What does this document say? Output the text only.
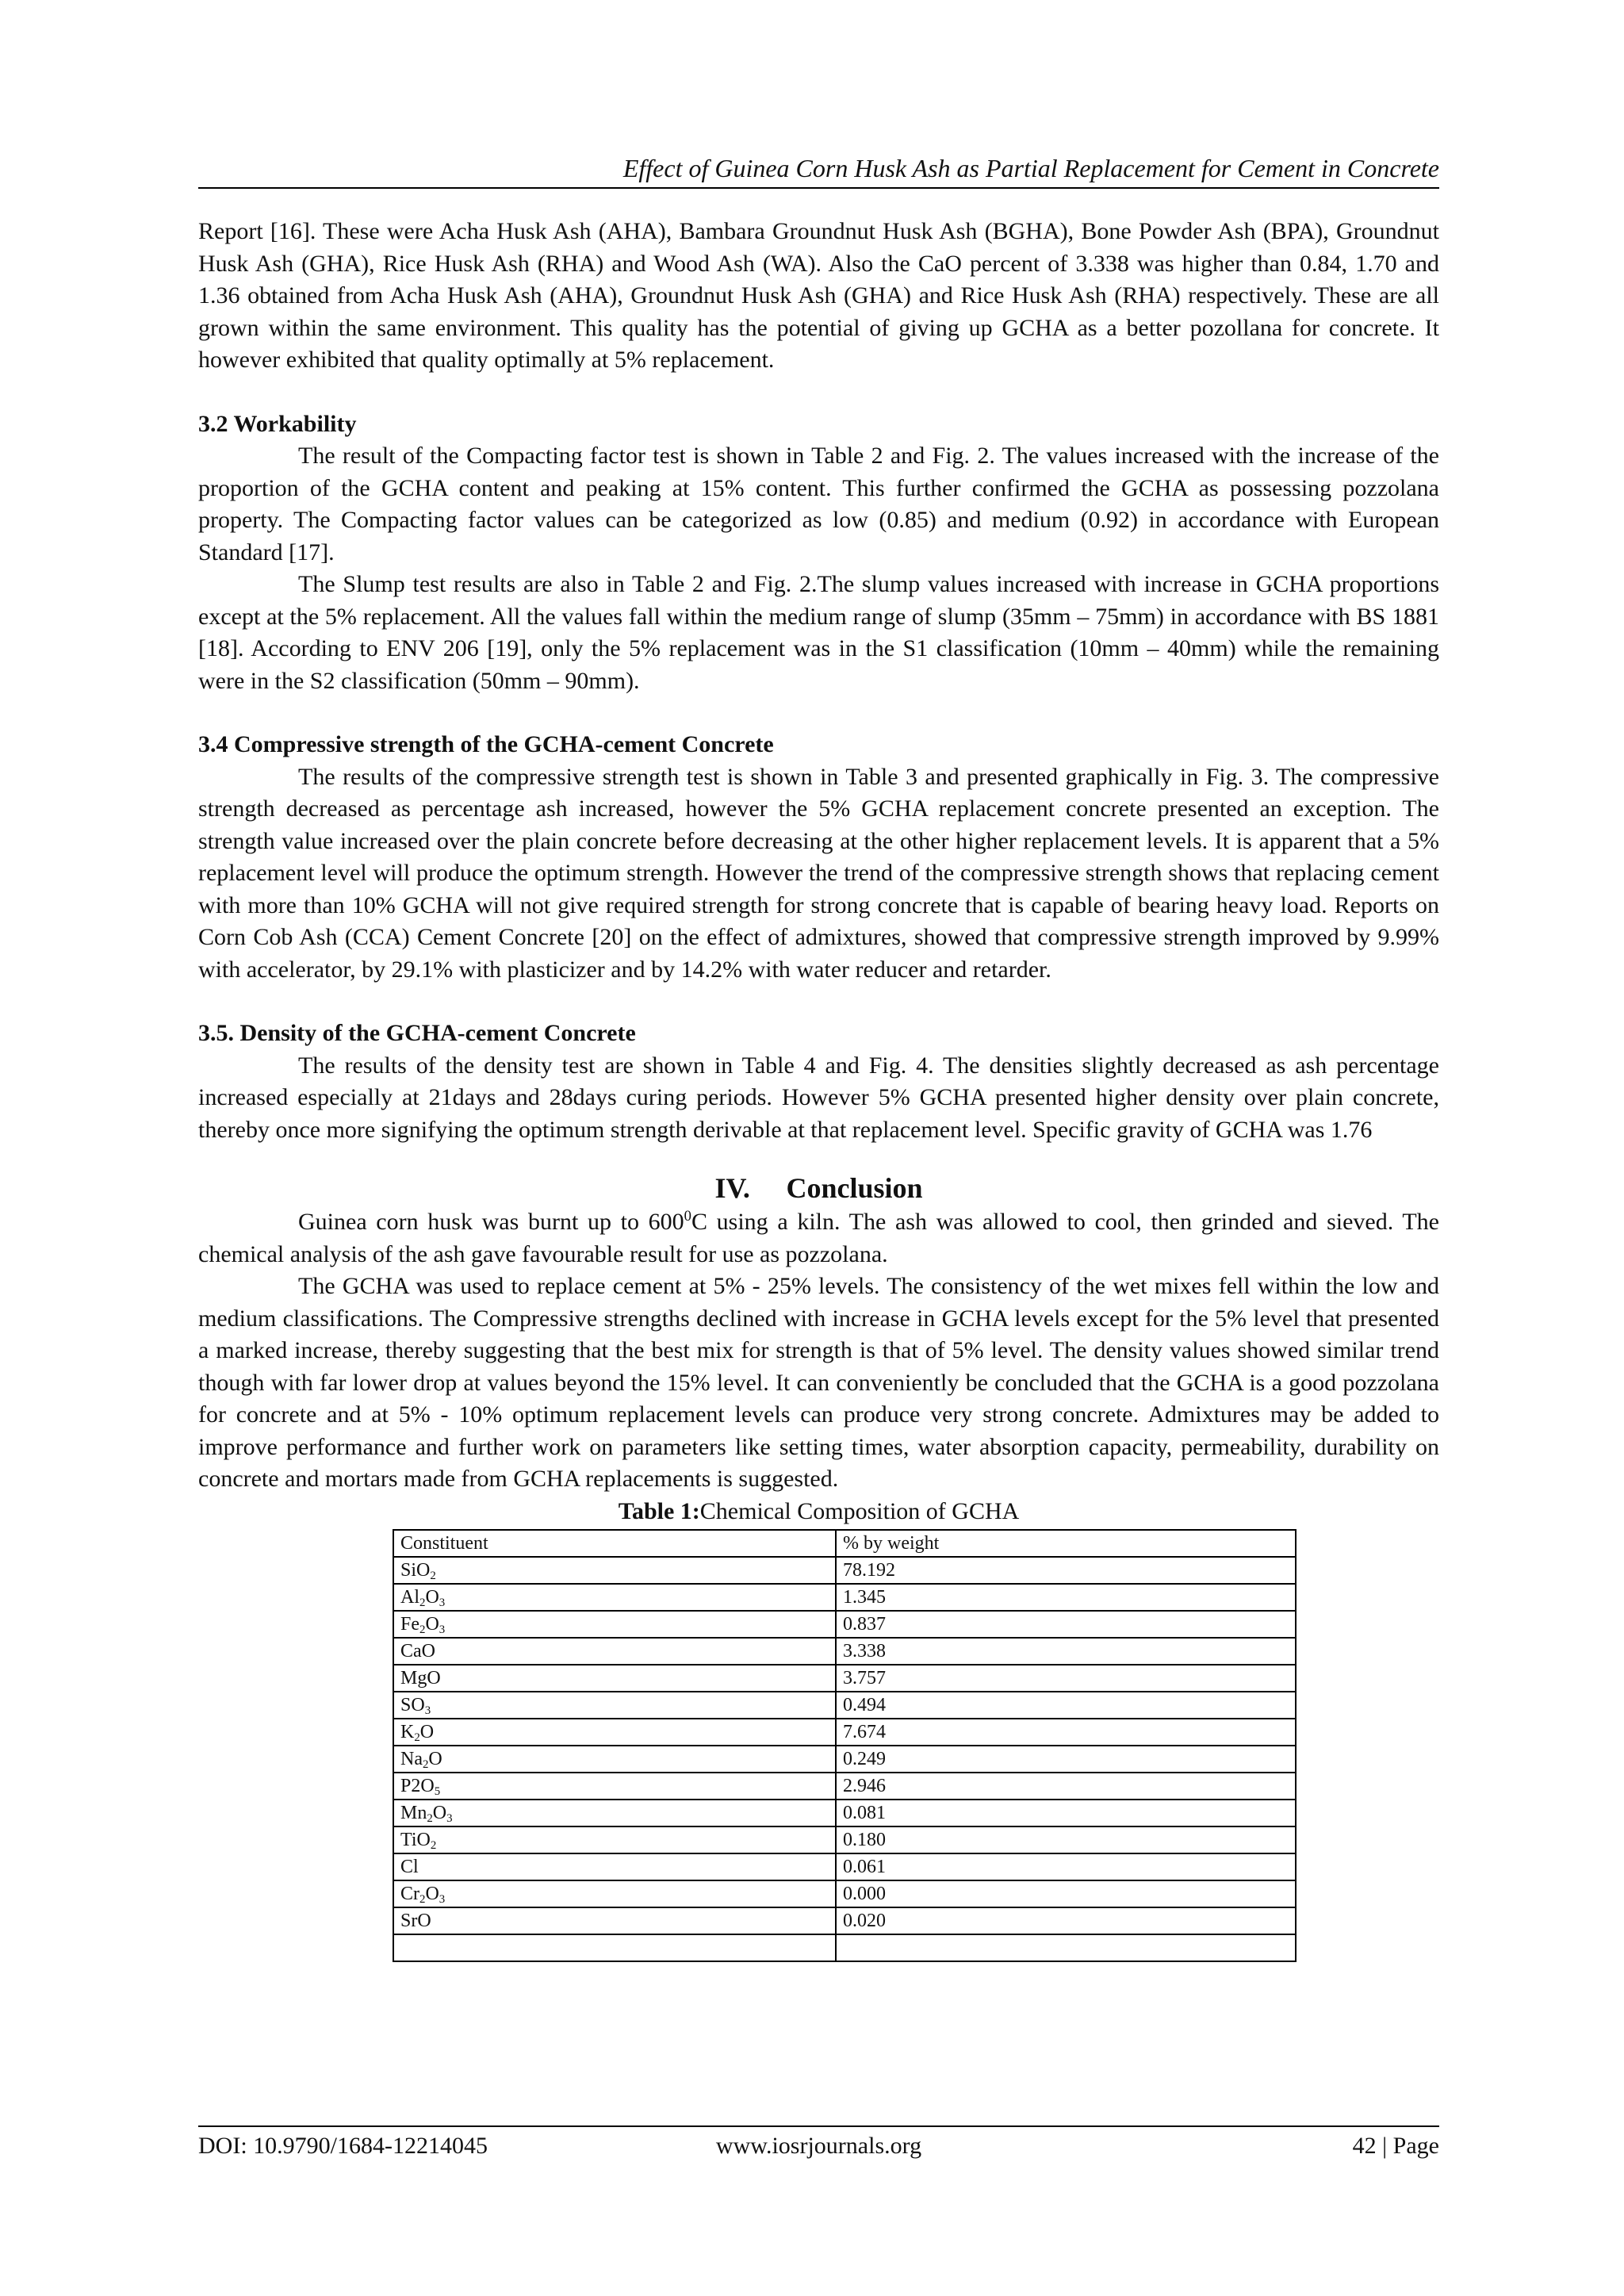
Effect of Guinea Corn Husk Ash as Partial Replacement for Cement in Concrete

Report [16]. These were Acha Husk Ash (AHA), Bambara Groundnut Husk Ash (BGHA), Bone Powder Ash (BPA), Groundnut Husk Ash (GHA), Rice Husk Ash (RHA) and Wood Ash (WA). Also the CaO percent of 3.338 was higher than 0.84, 1.70 and 1.36 obtained from Acha Husk Ash (AHA), Groundnut Husk Ash (GHA) and Rice Husk Ash (RHA) respectively. These are all grown within the same environment. This quality has the potential of giving up GCHA as a better pozollana for concrete. It however exhibited that quality optimally at 5% replacement.

3.2 Workability

The result of the Compacting factor test is shown in Table 2 and Fig. 2. The values increased with the increase of the proportion of the GCHA content and peaking at 15% content. This further confirmed the GCHA as possessing pozzolana property. The Compacting factor values can be categorized as low (0.85) and medium (0.92) in accordance with European Standard [17].

The Slump test results are also in Table 2 and Fig. 2.The slump values increased with increase in GCHA proportions except at the 5% replacement. All the values fall within the medium range of slump (35mm – 75mm) in accordance with BS 1881 [18]. According to ENV 206 [19], only the 5% replacement was in the S1 classification (10mm – 40mm) while the remaining were in the S2 classification (50mm – 90mm).

3.4 Compressive strength of the GCHA-cement Concrete

The results of the compressive strength test is shown in Table 3 and presented graphically in Fig. 3. The compressive strength decreased as percentage ash increased, however the 5% GCHA replacement concrete presented an exception. The strength value increased over the plain concrete before decreasing at the other higher replacement levels. It is apparent that a 5% replacement level will produce the optimum strength. However the trend of the compressive strength shows that replacing cement with more than 10% GCHA will not give required strength for strong concrete that is capable of bearing heavy load. Reports on Corn Cob Ash (CCA) Cement Concrete [20] on the effect of admixtures, showed that compressive strength improved by 9.99% with accelerator, by 29.1% with plasticizer and by 14.2% with water reducer and retarder.

3.5. Density of the GCHA-cement Concrete

The results of the density test are shown in Table 4 and Fig. 4. The densities slightly decreased as ash percentage increased especially at 21days and 28days curing periods. However 5% GCHA presented higher density over plain concrete, thereby once more signifying the optimum strength derivable at that replacement level. Specific gravity of GCHA was 1.76

IV. Conclusion

Guinea corn husk was burnt up to $600^0C$ using a kiln. The ash was allowed to cool, then grinded and sieved. The chemical analysis of the ash gave favourable result for use as pozzolana.

The GCHA was used to replace cement at 5% - 25% levels. The consistency of the wet mixes fell within the low and medium classifications. The Compressive strengths declined with increase in GCHA levels except for the 5% level that presented a marked increase, thereby suggesting that the best mix for strength is that of 5% level. The density values showed similar trend though with far lower drop at values beyond the 15% level. It can conveniently be concluded that the GCHA is a good pozzolana for concrete and at 5% - 10% optimum replacement levels can produce very strong concrete. Admixtures may be added to improve performance and further work on parameters like setting times, water absorption capacity, permeability, durability on concrete and mortars made from GCHA replacements is suggested.

Table 1:Chemical Composition of GCHA

Constituent	% by weight
SiO$_2$	78.192
$Al_2O_3$	1.345
$Fe_2O_3$	0.837
CaO	3.338
MgO	3.757
$SO_3$	0.494
$K_2O$	7.674
$Na_2O$	0.249
$P2O_5$	2.946
$Mn_2O_3$	0.081
TiO$_2$	0.180
Cl	0.061
$Cr_2O_3$	0.000
SrO	0.020

DOI: 10.9790/1684-12214045	www.iosrjournals.org	42 | Page
